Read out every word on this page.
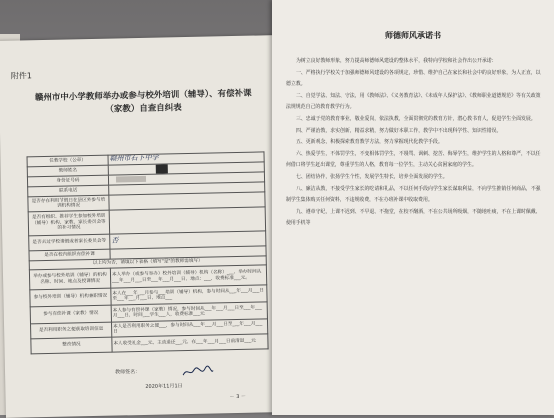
附件1
赣州市中小学教师举办或参与校外培训（辅导）、有偿补课（家教）自查自纠表
任教学校（公章）	赣州市石下中学
教师姓名	
身份证号码	
联系电话	
是否存在利用节假日在县区外参与培训机构情况	
是否有组织、推荐学生参加校外培训（辅导）机构、家教、家长委员会等的补习情况	
是否去过学校请假或者家长委员会等	否
是否在校内组织有偿补课	
以上均为否，请填以下表格（填写"是"的教师需填写）	
举办或参与校外培训（辅导）的机构名称、时间、地点及授课情况	本人举办（或参与举办）校外培训（辅导）机构（名称）___，举办时间从___年___月___日至___年___月___日，地点：___，收费标准___元。
参与校外培训（辅导）机构兼职情况	本人在___年___月参与___培训（辅导）机构，参与时间从___年___月___日至___年___月___日，地点___
参与有偿补课（家教）情况	本人参与有偿补课（家教）情况，参与时间从___年___月___日至___年___月___日，时间___学生___人，收费标准___元
是否利用职务之便获取培训信息	本人是否利用职务之便___，参与时间从___年___月___日至___年___月___日
整改情况	本人收受礼金___元，主动退还___元，在___年___月___日前清退___元
教师签名：
2020年11月1日
－ 3 －
师德师风承诺书

为树立良好教师形象，努力提高师德师风建设的整体水平，我特向学校和社会作出公开承诺：

一、严格执行学校关于加强师德师风建设的各项规定，珍惜、维护自己在家长和社会中的良好形象，为人正直，以德立教。

二、自觉学法、知法、守法，用《教师法》、《义务教育法》、《未成年人保护法》、《教师职业道德规范》等有关政策法规规范自己的教育教学行为。

三、忠诚于党的教育事业，敬业爱岗，依法执教，全面贯彻党的教育方针，潜心教书育人，促进学生全面发展。

四、严谨治教，求实创新，精益求精，努力做好本职工作，教学中不出现科学性、知识性错误。

五、更新观念，积极探索教育教学方法，努力掌握现代化教学手段。

六、热爱学生，不体罚学生，不变相体罚学生，不谩骂、讽刺、挖苦、侮辱学生，维护学生的人格和尊严，不以任何借口将学生赶出课堂，尊重学生的人格，教育每一位学生，主动关心贫困家庭的学生。

七、团结协作，张扬学生个性，发展学生特长，培养全面发展的学生。

八、廉洁从教，不接受学生家长的吃请和礼品，不以任何手段向学生家长谋取利益，不向学生推销任何商品，不强制学生集体购买任何资料，不违规收费，不在办班补课中收取费用。

九、遵章守纪，上课不迟到、不早退、不拖堂，在校不酗酒，不在公共场所吸烟，不随地吐痰，不在上课时佩戴、使用手机等
